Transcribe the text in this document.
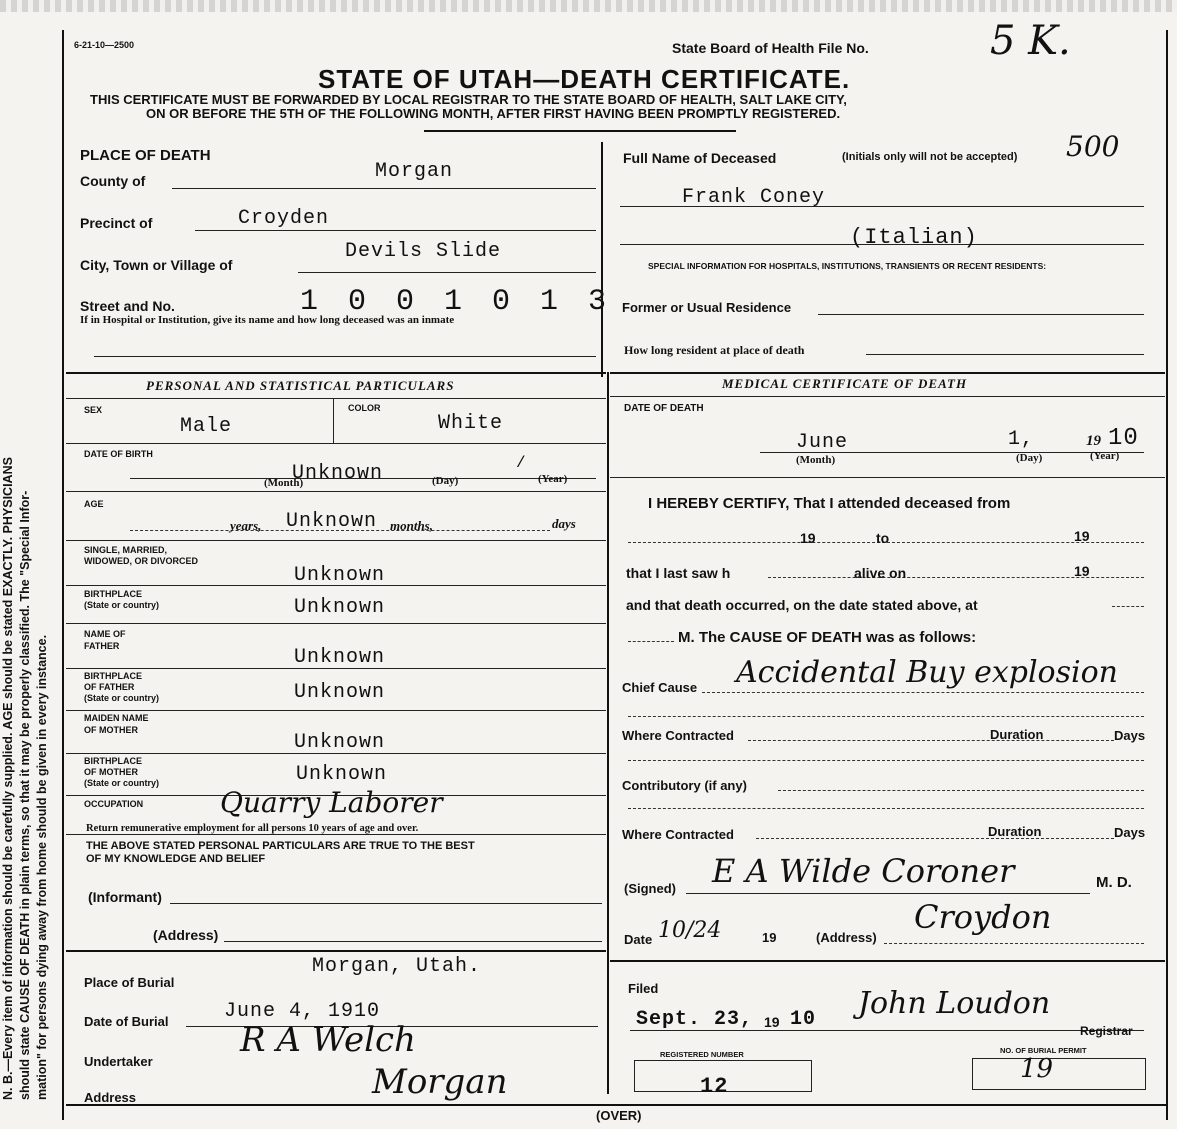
N. B.—Every item of information should be carefully supplied. AGE should be stated EXACTLY. PHYSICIANS should state CAUSE OF DEATH in plain terms, so that it may be properly classified. The "Special Infor- mation" for persons dying away from home should be given in every instance.
6-21-10—2500	State Board of Health File No.	5 K.
STATE OF UTAH—DEATH CERTIFICATE.
THIS CERTIFICATE MUST BE FORWARDED BY LOCAL REGISTRAR TO THE STATE BOARD OF HEALTH, SALT LAKE CITY,
ON OR BEFORE THE 5TH OF THE FOLLOWING MONTH, AFTER FIRST HAVING BEEN PROMPTLY REGISTERED.
PLACE OF DEATH
County of	Morgan
Precinct of	Croyden
City, Town or Village of
Devils Slide
Street and No.	1 0 0 1 0 1 3
If in Hospital or Institution, give its name and how long deceased was an inmate
Full Name of Deceased	(Initials only will not be accepted) 500
Frank Coney
(Italian)
SPECIAL INFORMATION FOR HOSPITALS, INSTITUTIONS, TRANSIENTS OR RECENT RESIDENTS:
Former or Usual Residence
How long resident at place of death
PERSONAL AND STATISTICAL PARTICULARS
SEX
Male
COLOR
White
DATE OF BIRTH
Unknown	/
(Month)	(Day)	(Year)
AGE
years, Unknown months,	days
SINGLE, MARRIED,
WIDOWED, OR DIVORCED
Unknown
BIRTHPLACE
(State or country)	Unknown
NAME OF
FATHER	Unknown
BIRTHPLACE
OF FATHER
(State or country)	Unknown
MAIDEN NAME
OF MOTHER
Unknown
BIRTHPLACE
OF MOTHER
(State or country)	Unknown
OCCUPATION	Quarry Laborer
Return remunerative employment for all persons 10 years of age and over.
THE ABOVE STATED PERSONAL PARTICULARS ARE TRUE TO THE BEST
OF MY KNOWLEDGE AND BELIEF
(Informant)
(Address)
MEDICAL CERTIFICATE OF DEATH
DATE OF DEATH
June	1,	19 10
(Month)	(Day)	(Year)
I HEREBY CERTIFY, That I attended deceased from
19	to	19
that I last saw h	alive on	19
and that death occurred, on the date stated above, at
M. The CAUSE OF DEATH was as follows:
Chief Cause Accidental Buy explosion
Where Contracted	Duration	Days
Contributory (if any)
Where Contracted	Duration	Days
(Signed) E A Wilde Coroner	M. D.
Date 10/24	19	(Address)
Croydon
Place of Burial
Morgan, Utah.
Date of Burial	June 4, 1910
Undertaker
R A Welch
Address	Morgan
Filed
Sept. 23, 19 10 John Loudon
Registrar
REGISTERED NUMBER
12
NO. OF BURIAL PERMIT
19
(OVER)
